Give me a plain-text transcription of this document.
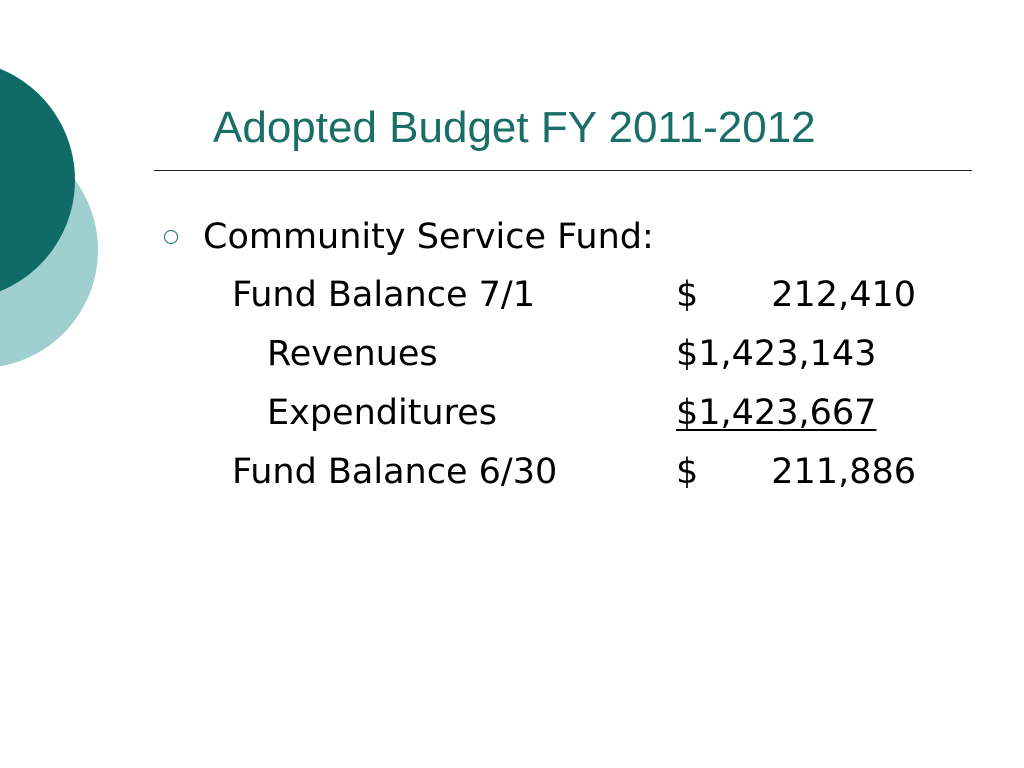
Adopted Budget FY 2011-2012
Community Service Fund:
Fund Balance 7/1	$ 212,410
Revenues	$1,423,143
Expenditures	$1,423,667
Fund Balance 6/30	$ 211,886
